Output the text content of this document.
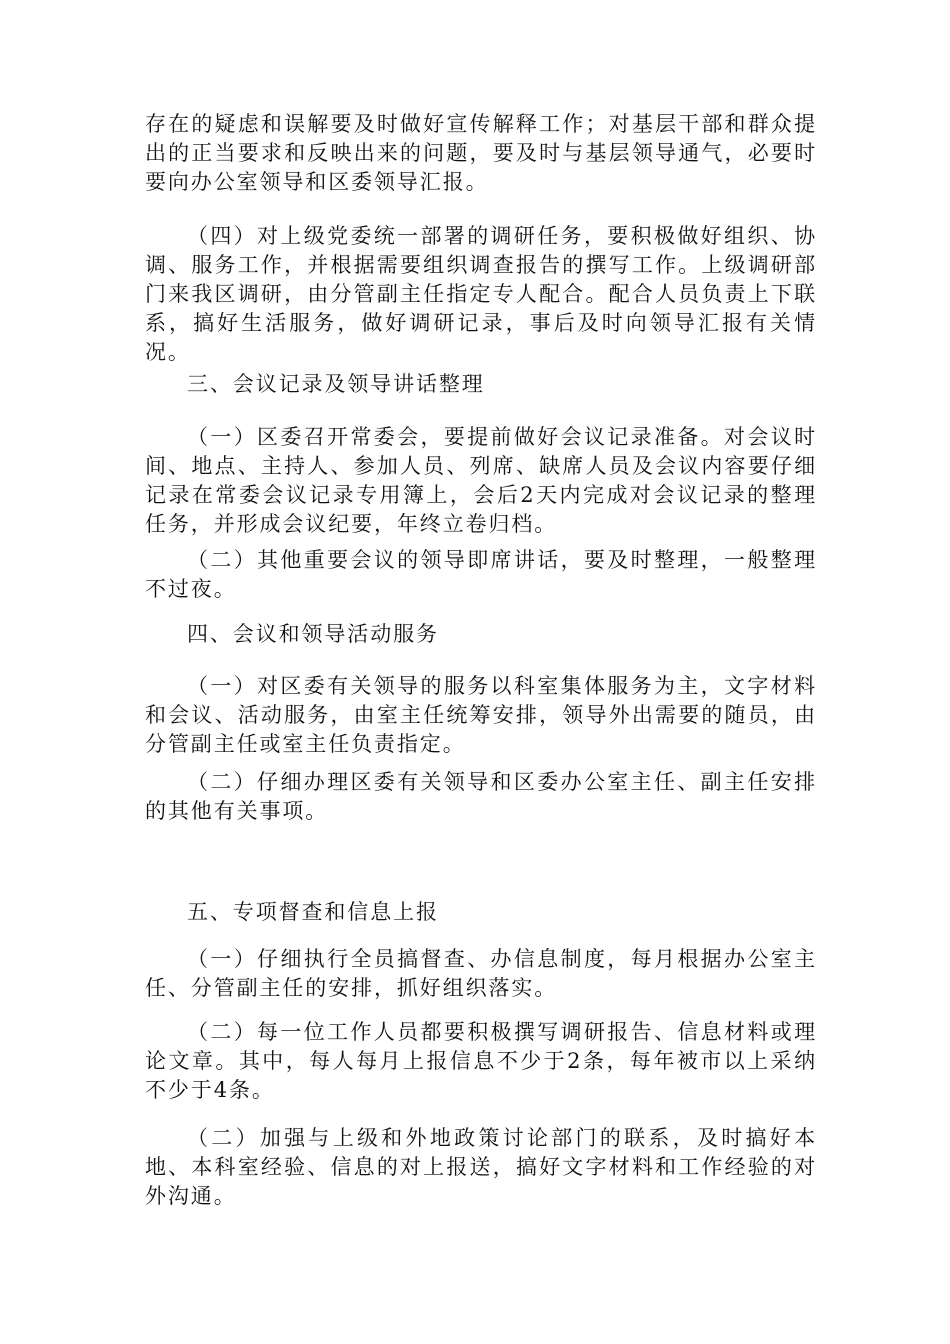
存在的疑虑和误解要及时做好宣传解释工作；对基层干部和群众提出的正当要求和反映出来的问题，要及时与基层领导通气，必要时要向办公室领导和区委领导汇报。

（四）对上级党委统一部署的调研任务，要积极做好组织、协调、服务工作，并根据需要组织调查报告的撰写工作。上级调研部门来我区调研，由分管副主任指定专人配合。配合人员负责上下联系，搞好生活服务，做好调研记录，事后及时向领导汇报有关情况。

三、会议记录及领导讲话整理

（一）区委召开常委会，要提前做好会议记录准备。对会议时间、地点、主持人、参加人员、列席、缺席人员及会议内容要仔细记录在常委会议记录专用簿上，会后2天内完成对会议记录的整理任务，并形成会议纪要，年终立卷归档。

（二）其他重要会议的领导即席讲话，要及时整理，一般整理不过夜。

四、会议和领导活动服务

（一）对区委有关领导的服务以科室集体服务为主，文字材料和会议、活动服务，由室主任统筹安排，领导外出需要的随员，由分管副主任或室主任负责指定。

（二）仔细办理区委有关领导和区委办公室主任、副主任安排的其他有关事项。

五、专项督查和信息上报

（一）仔细执行全员搞督查、办信息制度，每月根据办公室主任、分管副主任的安排，抓好组织落实。

（二）每一位工作人员都要积极撰写调研报告、信息材料或理论文章。其中，每人每月上报信息不少于2条，每年被市以上采纳不少于4条。

（二）加强与上级和外地政策讨论部门的联系，及时搞好本地、本科室经验、信息的对上报送，搞好文字材料和工作经验的对外沟通。
